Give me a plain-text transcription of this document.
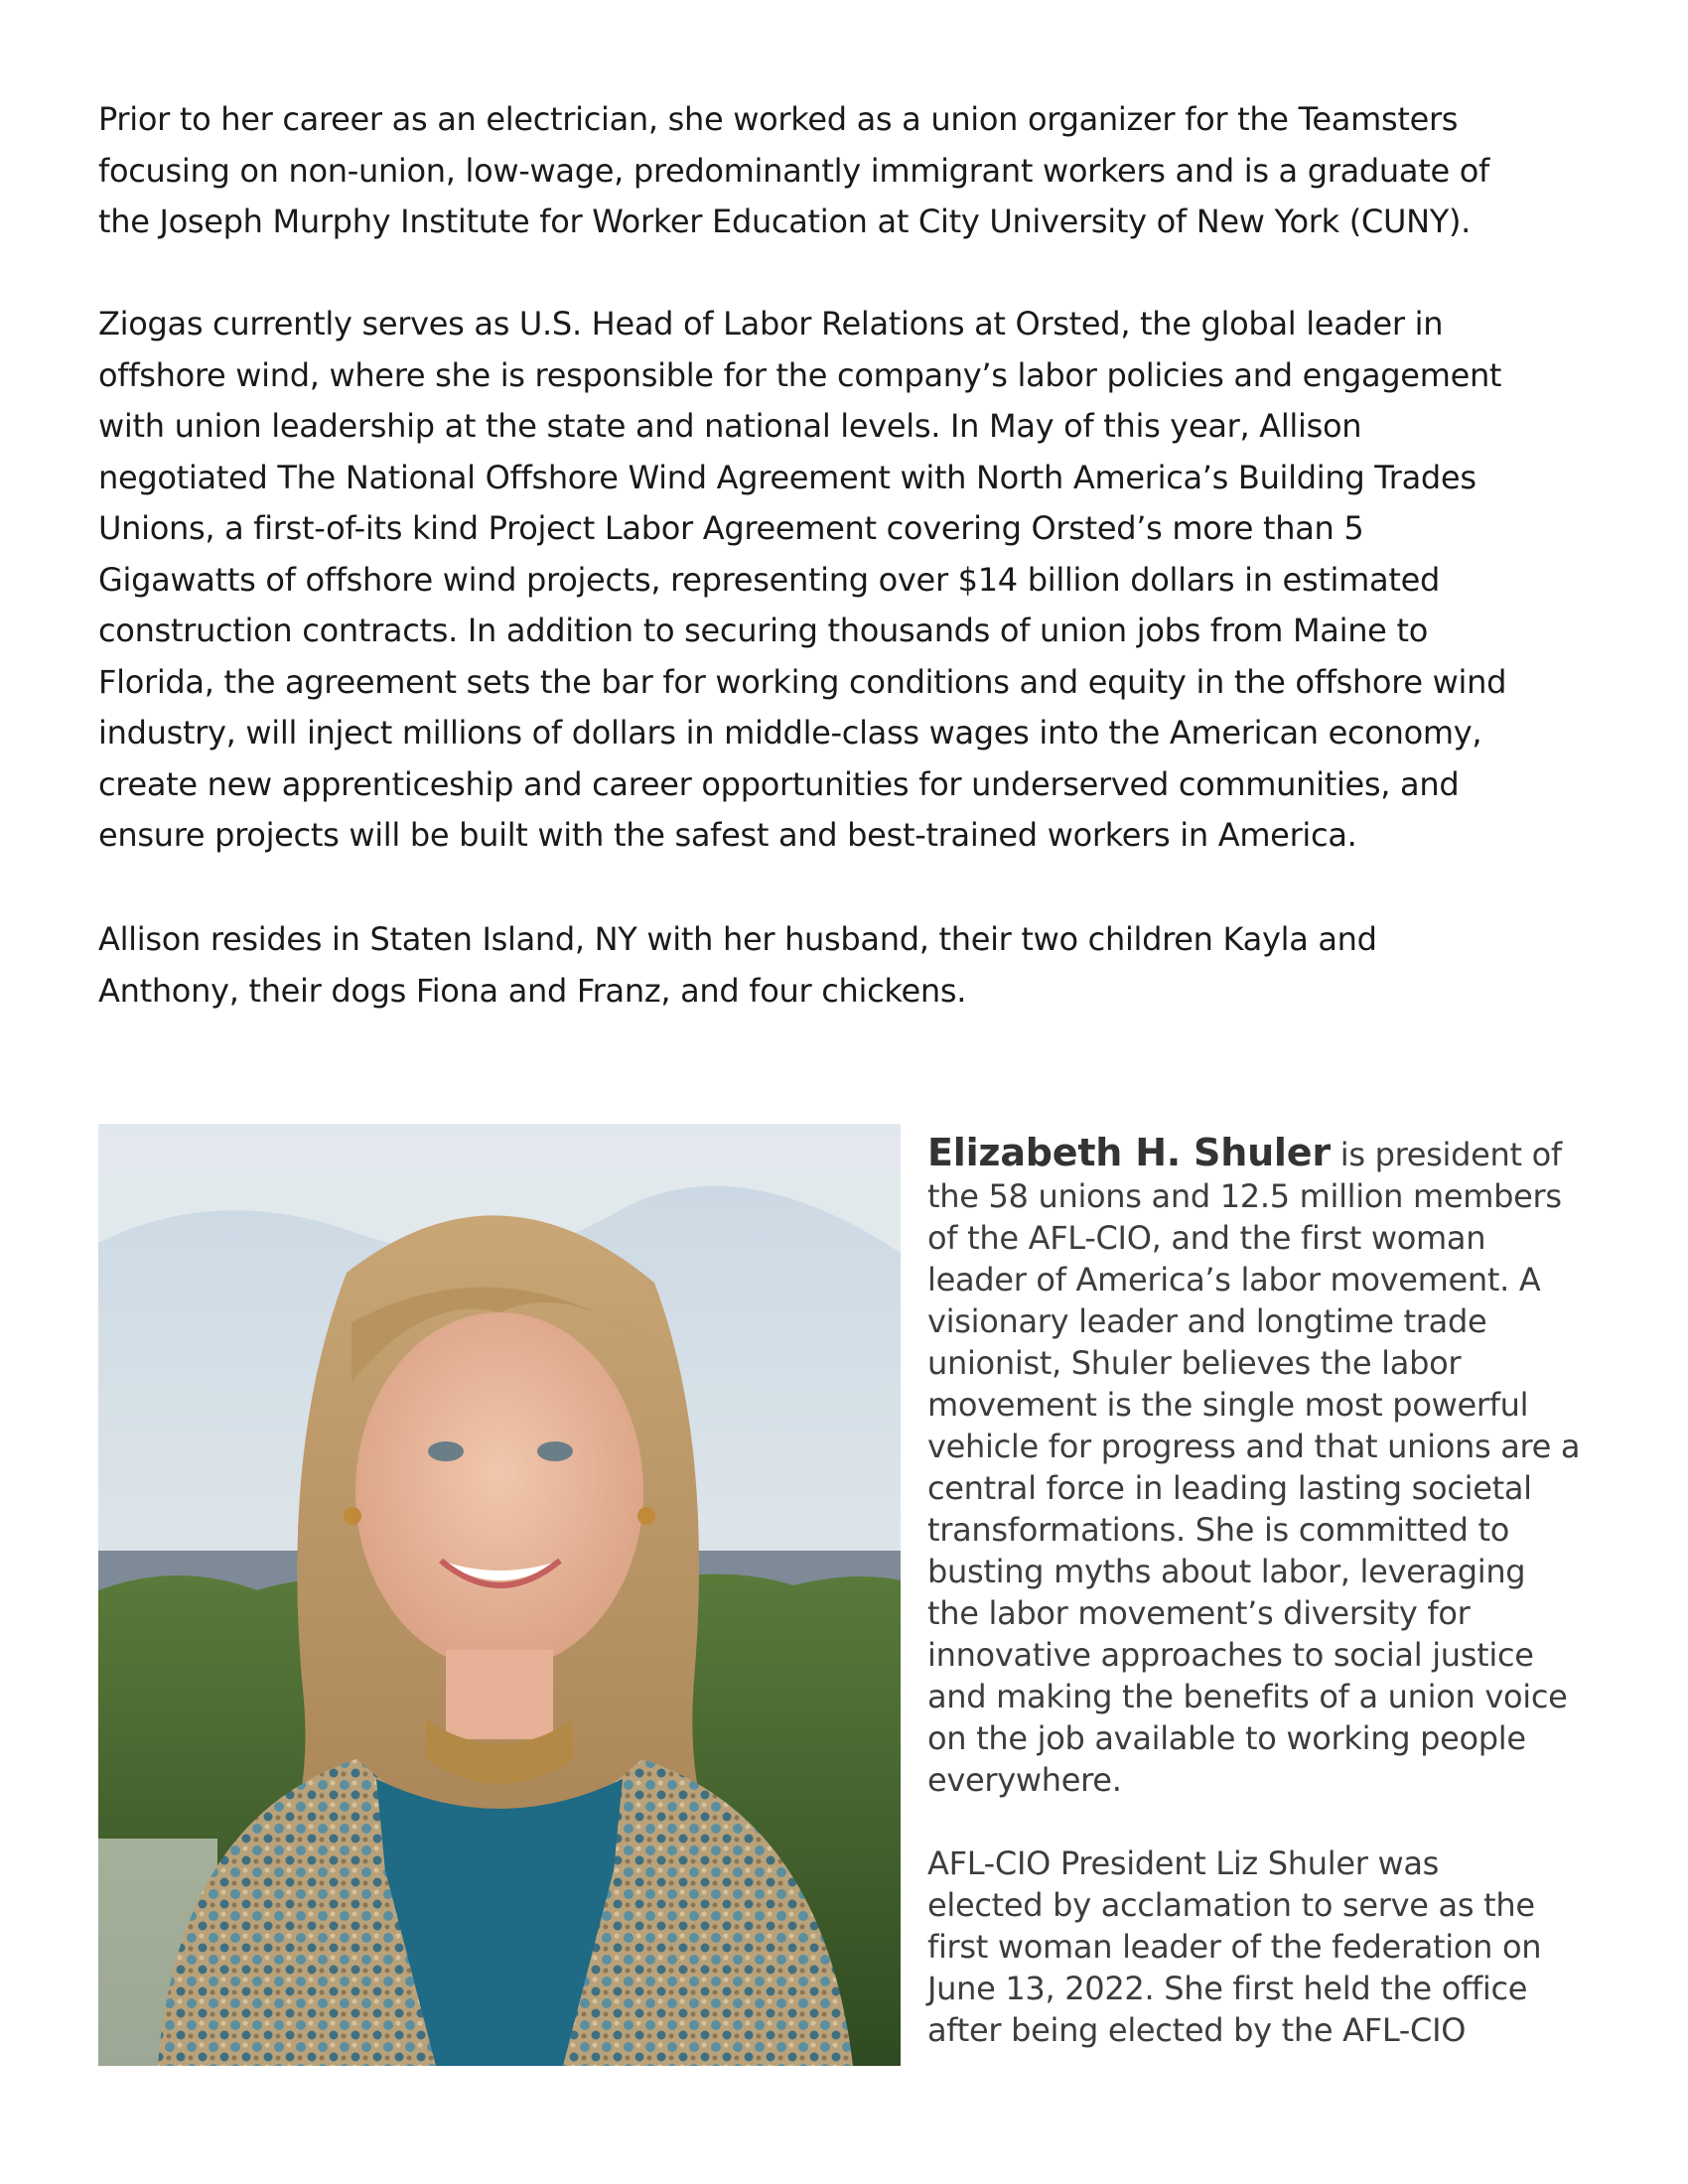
Prior to her career as an electrician, she worked as a union organizer for the Teamsters
focusing on non-union, low-wage, predominantly immigrant workers and is a graduate of
the Joseph Murphy Institute for Worker Education at City University of New York (CUNY).
Ziogas currently serves as U.S. Head of Labor Relations at Orsted, the global leader in
offshore wind, where she is responsible for the company’s labor policies and engagement
with union leadership at the state and national levels. In May of this year, Allison
negotiated The National Offshore Wind Agreement with North America’s Building Trades
Unions, a first-of-its kind Project Labor Agreement covering Orsted’s more than 5
Gigawatts of offshore wind projects, representing over $14 billion dollars in estimated
construction contracts. In addition to securing thousands of union jobs from Maine to
Florida, the agreement sets the bar for working conditions and equity in the offshore wind
industry, will inject millions of dollars in middle-class wages into the American economy,
create new apprenticeship and career opportunities for underserved communities, and
ensure projects will be built with the safest and best-trained workers in America.
Allison resides in Staten Island, NY with her husband, their two children Kayla and
Anthony, their dogs Fiona and Franz, and four chickens.
Elizabeth H. Shuler is president of
the 58 unions and 12.5 million members
of the AFL-CIO, and the first woman
leader of America’s labor movement. A
visionary leader and longtime trade
unionist, Shuler believes the labor
movement is the single most powerful
vehicle for progress and that unions are a
central force in leading lasting societal
transformations. She is committed to
busting myths about labor, leveraging
the labor movement’s diversity for
innovative approaches to social justice
and making the benefits of a union voice
on the job available to working people
everywhere.
AFL-CIO President Liz Shuler was
elected by acclamation to serve as the
first woman leader of the federation on
June 13, 2022. She first held the office
after being elected by the AFL-CIO
